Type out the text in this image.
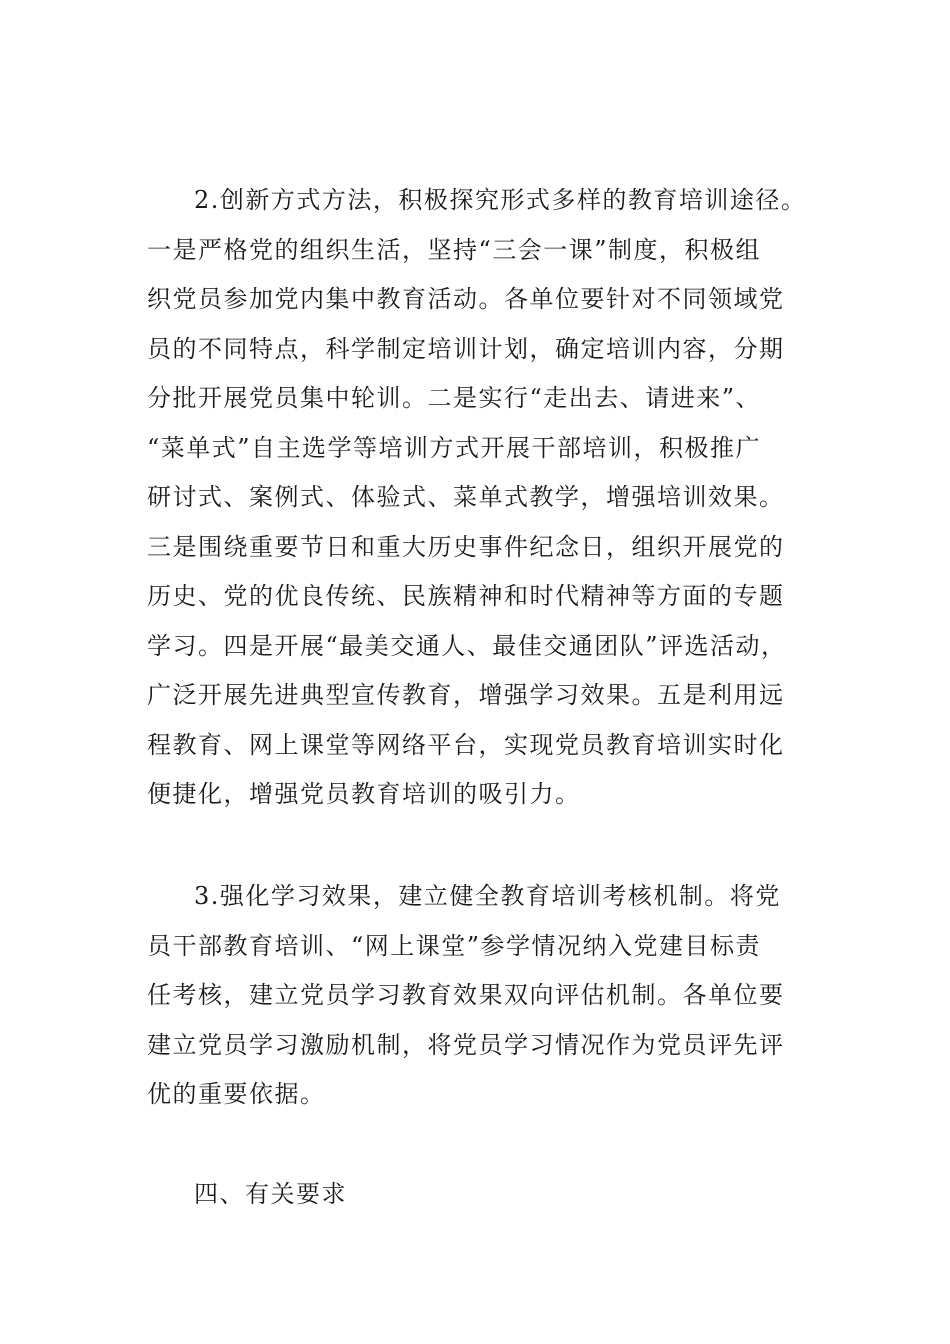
2.创新方式方法，积极探究形式多样的教育培训途径。
一是严格党的组织生活，坚持“三会一课”制度，积极组
织党员参加党内集中教育活动。各单位要针对不同领域党
员的不同特点，科学制定培训计划，确定培训内容，分期
分批开展党员集中轮训。二是实行“走出去、请进来”、
“菜单式”自主选学等培训方式开展干部培训，积极推广
研讨式、案例式、体验式、菜单式教学，增强培训效果。
三是围绕重要节日和重大历史事件纪念日，组织开展党的
历史、党的优良传统、民族精神和时代精神等方面的专题
学习。四是开展“最美交通人、最佳交通团队”评选活动，
广泛开展先进典型宣传教育，增强学习效果。五是利用远
程教育、网上课堂等网络平台，实现党员教育培训实时化
便捷化，增强党员教育培训的吸引力。
3.强化学习效果，建立健全教育培训考核机制。将党
员干部教育培训、“网上课堂”参学情况纳入党建目标责
任考核，建立党员学习教育效果双向评估机制。各单位要
建立党员学习激励机制，将党员学习情况作为党员评先评
优的重要依据。
四、有关要求
